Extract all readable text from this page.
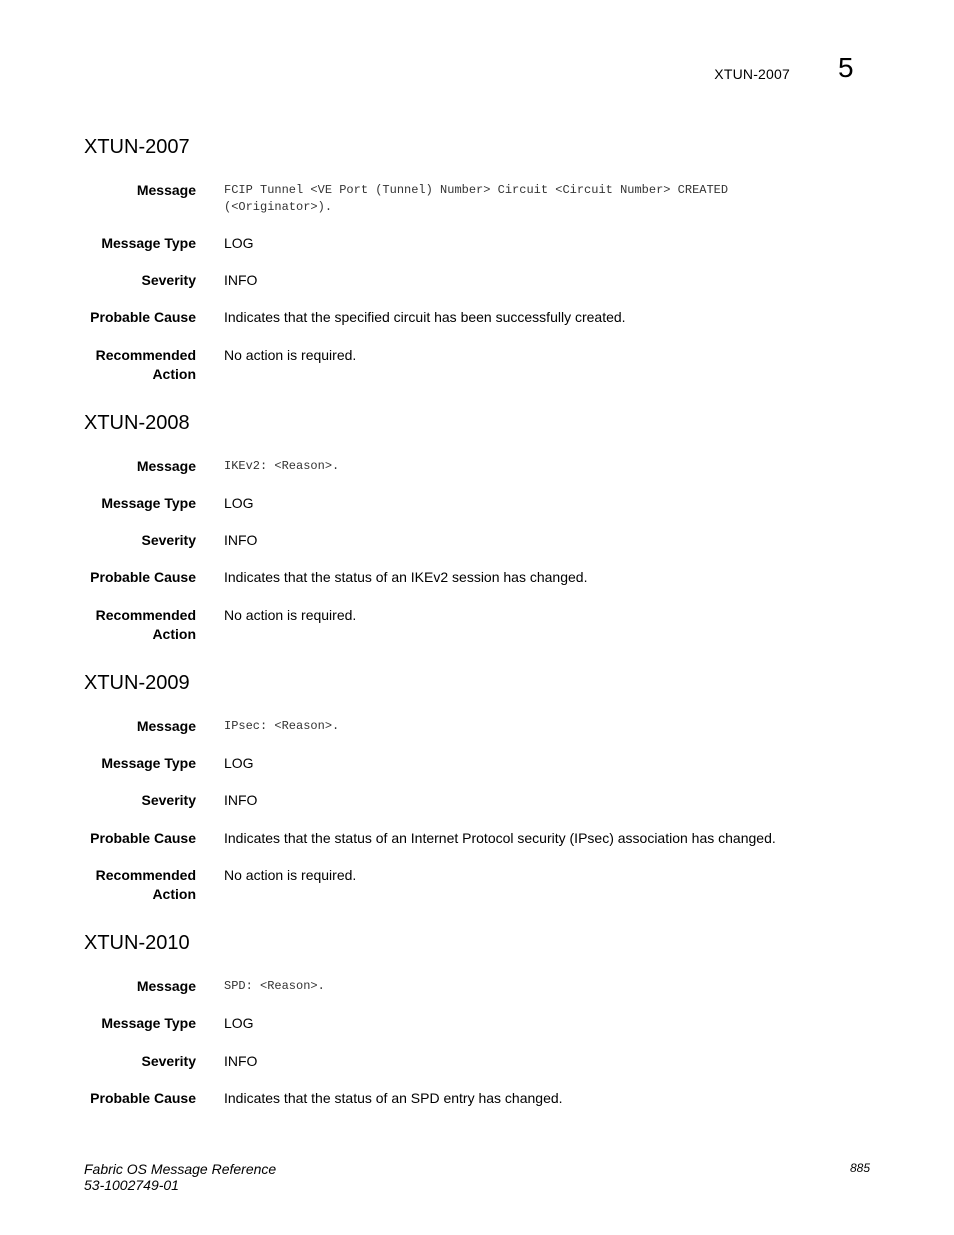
XTUN-2007 5
XTUN-2007
Message FCIP Tunnel <VE Port (Tunnel) Number> Circuit <Circuit Number> CREATED (<Originator>).
Message Type LOG
Severity INFO
Probable Cause Indicates that the specified circuit has been successfully created.
Recommended
Action
No action is required.
XTUN-2008
Message IKEv2: <Reason>.
Message Type LOG
Severity INFO
Probable Cause Indicates that the status of an IKEv2 session has changed.
Recommended
Action
No action is required.
XTUN-2009
Message IPsec: <Reason>.
Message Type LOG
Severity INFO
Probable Cause Indicates that the status of an Internet Protocol security (IPsec) association has changed.
Recommended
Action
No action is required.
XTUN-2010
Message SPD: <Reason>.
Message Type LOG
Severity INFO
Probable Cause Indicates that the status of an SPD entry has changed.
Fabric OS Message Reference
53-1002749-01
885
